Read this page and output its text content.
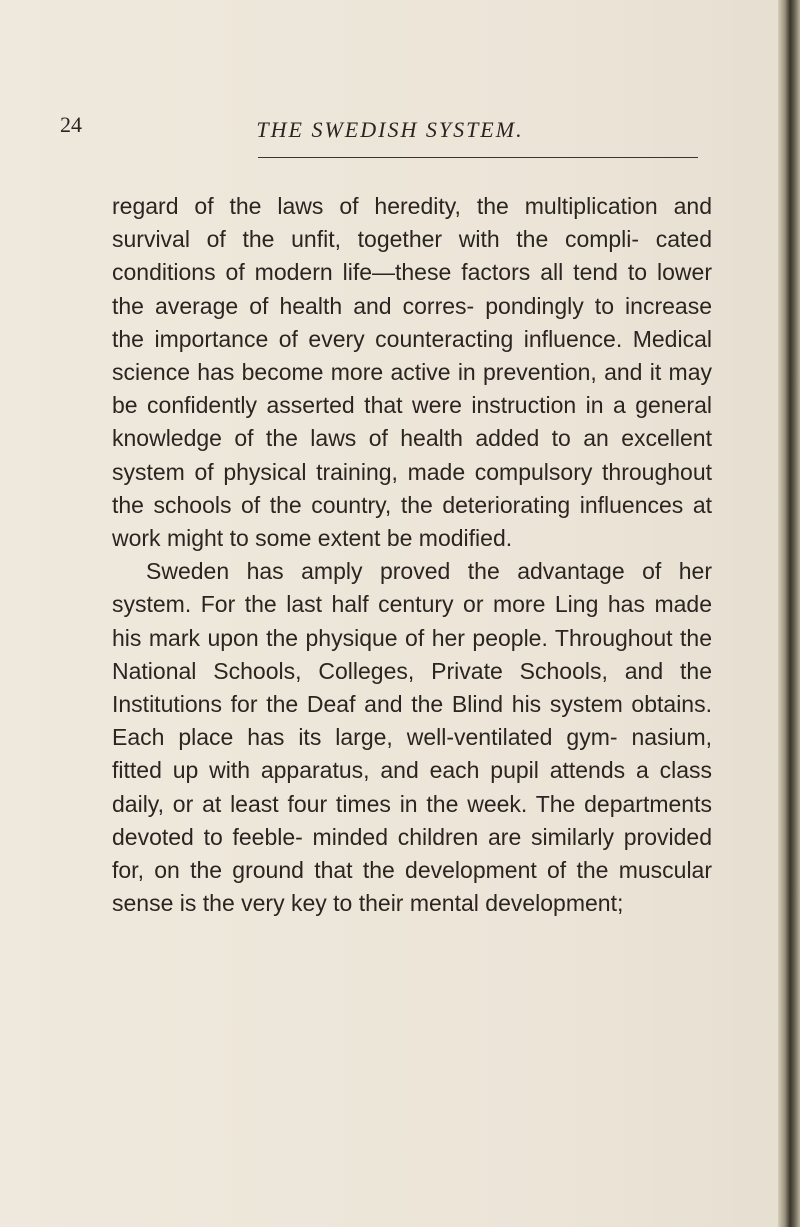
24	THE SWEDISH SYSTEM.

regard of the laws of heredity, the multiplication and survival of the unfit, together with the compli- cated conditions of modern life—these factors all tend to lower the average of health and corres- pondingly to increase the importance of every counteracting influence. Medical science has become more active in prevention, and it may be confidently asserted that were instruction in a general knowledge of the laws of health added to an excellent system of physical training, made compulsory throughout the schools of the country, the deteriorating influences at work might to some extent be modified.

Sweden has amply proved the advantage of her system. For the last half century or more Ling has made his mark upon the physique of her people. Throughout the National Schools, Colleges, Private Schools, and the Institutions for the Deaf and the Blind his system obtains. Each place has its large, well-ventilated gym- nasium, fitted up with apparatus, and each pupil attends a class daily, or at least four times in the week. The departments devoted to feeble- minded children are similarly provided for, on the ground that the development of the muscular sense is the very key to their mental development;
